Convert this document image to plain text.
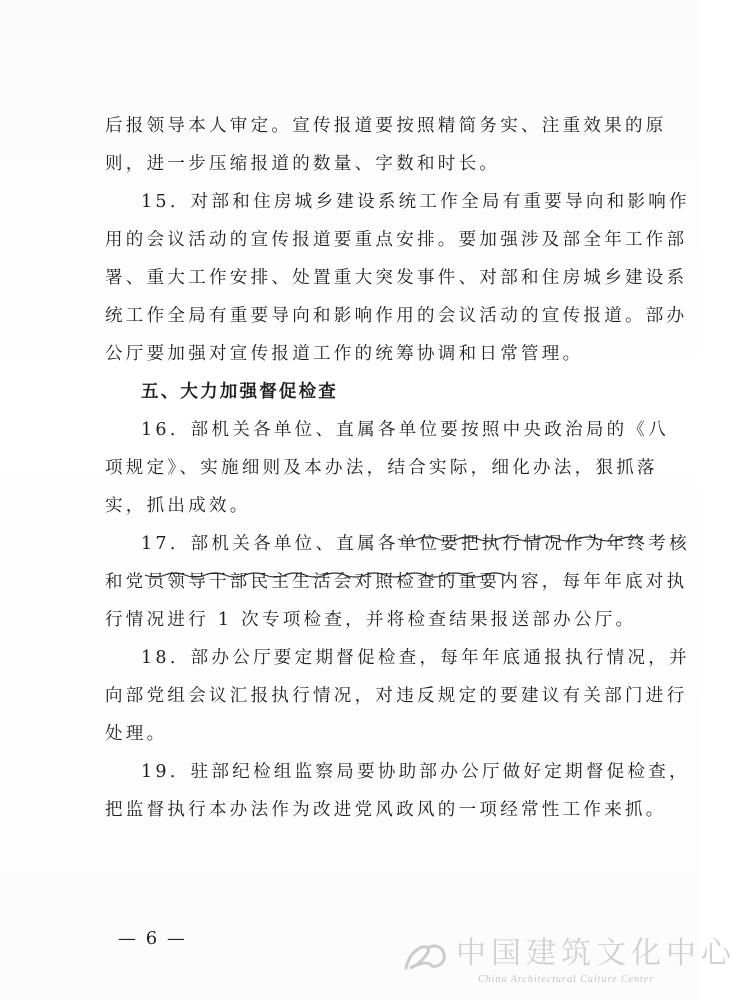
后报领导本人审定。宣传报道要按照精简务实、注重效果的原
则，进一步压缩报道的数量、字数和时长。
15．对部和住房城乡建设系统工作全局有重要导向和影响作
用的会议活动的宣传报道要重点安排。要加强涉及部全年工作部
署、重大工作安排、处置重大突发事件、对部和住房城乡建设系
统工作全局有重要导向和影响作用的会议活动的宣传报道。部办
公厅要加强对宣传报道工作的统筹协调和日常管理。
五、大力加强督促检查
16．部机关各单位、直属各单位要按照中央政治局的《八
项规定》、实施细则及本办法，结合实际，细化办法，狠抓落
实，抓出成效。
17．部机关各单位、直属各单位要把执行情况作为年终考核
和党员领导干部民主生活会对照检查的重要内容，每年年底对执
行情况进行 1 次专项检查，并将检查结果报送部办公厅。
18．部办公厅要定期督促检查，每年年底通报执行情况，并
向部党组会议汇报执行情况，对违反规定的要建议有关部门进行
处理。
19．驻部纪检组监察局要协助部办公厅做好定期督促检查，
把监督执行本办法作为改进党风政风的一项经常性工作来抓。
— 6 —	中国建筑文化中心
China Architectural Culture Center
